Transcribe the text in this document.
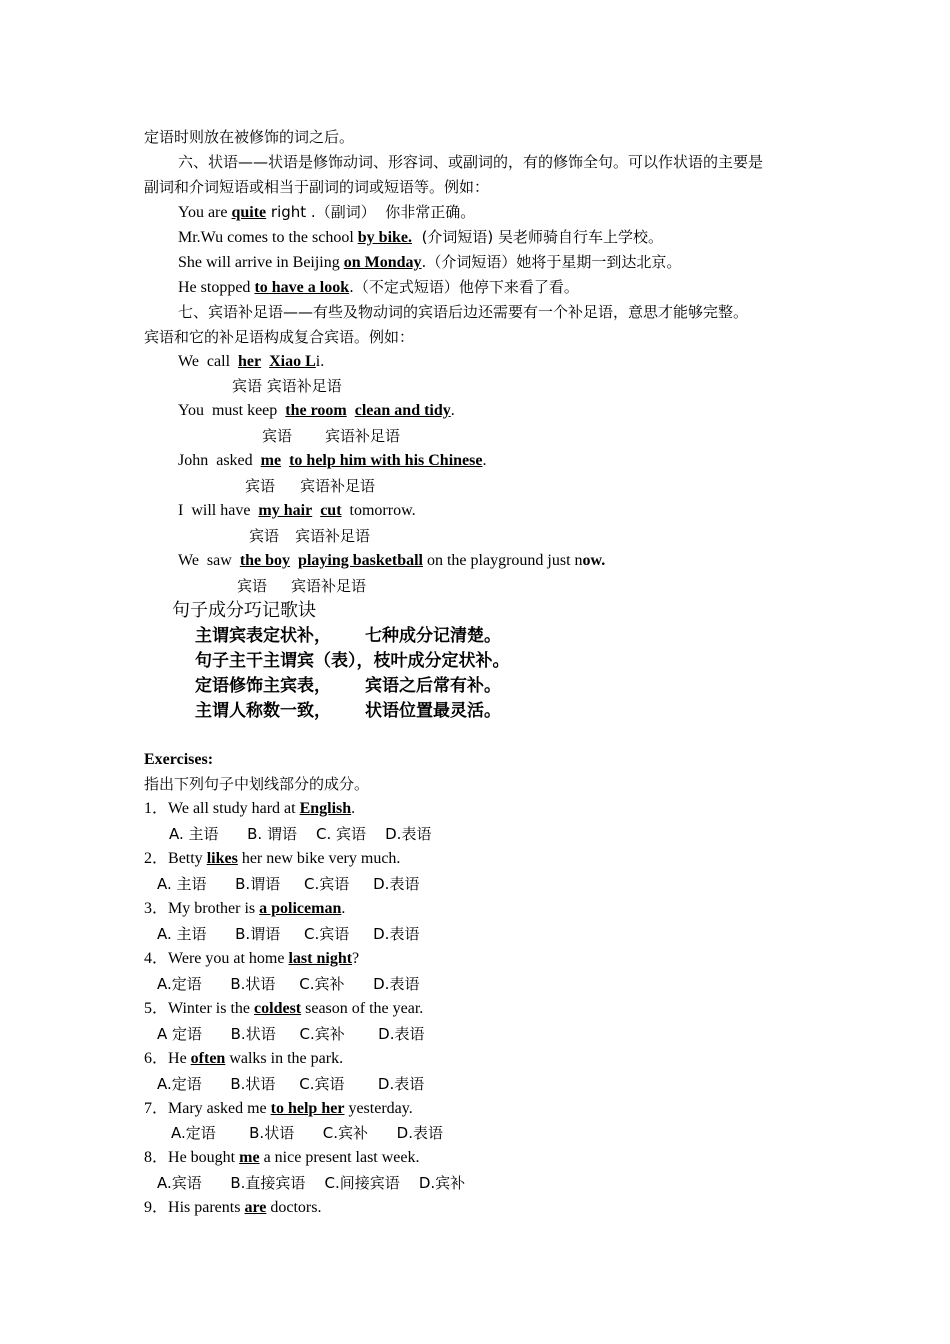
定语时则放在被修饰的词之后。
六、状语——状语是修饰动词、形容词、或副词的，有的修饰全句。可以作状语的主要是
副词和介词短语或相当于副词的词或短语等。例如：
You are quite right .（副词）  你非常正确。
Mr.Wu comes to the school by bike.  (介词短语) 吴老师骑自行车上学校。
She will arrive in Beijing on Monday.（介词短语）她将于星期一到达北京。
He stopped to have a look.（不定式短语）他停下来看了看。
七、宾语补足语——有些及物动词的宾语后边还需要有一个补足语，意思才能够完整。
宾语和它的补足语构成复合宾语。例如：
We  call  her Xiao Li.
宾语 宾语补足语
You  must keep  the room clean and tidy.
宾语 宾语补足语
John  asked  me to help him with his Chinese.
宾语 宾语补足语
I  will have  my hair cut  tomorrow.
宾语 宾语补足语
We  saw  the boy playing basketball on the playground just now.
宾语 宾语补足语
句子成分巧记歌诀
主谓宾表定状补， 七种成分记清楚。
句子主干主谓宾（表），枝叶成分定状补。
定语修饰主宾表， 宾语之后常有补。
主谓人称数一致， 状语位置最灵活。
Exercises:
指出下列句子中划线部分的成分。
1．We all study hard at English.
A. 主语      B. 谓语    C. 宾语    D.表语
2．Betty likes her new bike very much.
A. 主语      B.谓语     C.宾语     D.表语
3．My brother is a policeman.
A. 主语      B.谓语     C.宾语     D.表语
4．Were you at home last night?
A.定语      B.状语     C.宾补      D.表语
5．Winter is the coldest season of the year.
A 定语      B.状语     C.宾补       D.表语
6．He often walks in the park.
A.定语      B.状语     C.宾语       D.表语
7．Mary asked me to help her yesterday.
A.定语       B.状语      C.宾补      D.表语
8．He bought me a nice present last week.
A.宾语      B.直接宾语    C.间接宾语    D.宾补
9．His parents are doctors.
